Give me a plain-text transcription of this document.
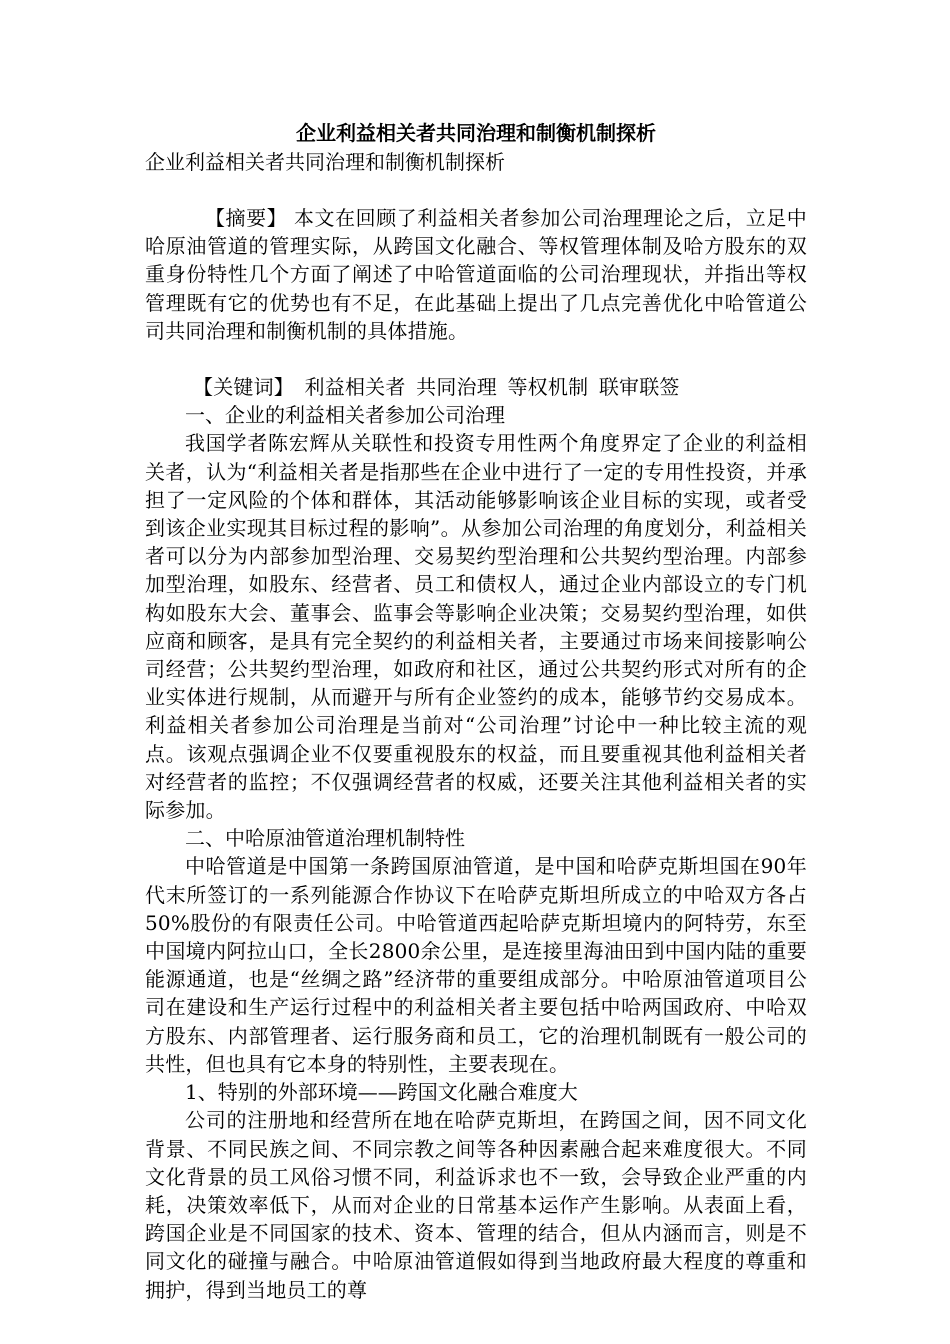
企业利益相关者共同治理和制衡机制探析

企业利益相关者共同治理和制衡机制探析

【摘要】 本文在回顾了利益相关者参加公司治理理论之后，立足中哈原油管道的管理实际，从跨国文化融合、等权管理体制及哈方股东的双重身份特性几个方面了阐述了中哈管道面临的公司治理现状，并指出等权管理既有它的优势也有不足，在此基础上提出了几点完善优化中哈管道公司共同治理和制衡机制的具体措施。

【关键词】 利益相关者 共同治理 等权机制 联审联签

一、企业的利益相关者参加公司治理

我国学者陈宏辉从关联性和投资专用性两个角度界定了企业的利益相关者，认为“利益相关者是指那些在企业中进行了一定的专用性投资，并承担了一定风险的个体和群体，其活动能够影响该企业目标的实现，或者受到该企业实现其目标过程的影响”。从参加公司治理的角度划分，利益相关者可以分为内部参加型治理、交易契约型治理和公共契约型治理。内部参加型治理，如股东、经营者、员工和债权人，通过企业内部设立的专门机构如股东大会、董事会、监事会等影响企业决策；交易契约型治理，如供应商和顾客，是具有完全契约的利益相关者，主要通过市场来间接影响公司经营；公共契约型治理，如政府和社区，通过公共契约形式对所有的企业实体进行规制，从而避开与所有企业签约的成本，能够节约交易成本。利益相关者参加公司治理是当前对“公司治理”讨论中一种比较主流的观点。该观点强调企业不仅要重视股东的权益，而且要重视其他利益相关者对经营者的监控；不仅强调经营者的权威，还要关注其他利益相关者的实际参加。

二、中哈原油管道治理机制特性

中哈管道是中国第一条跨国原油管道，是中国和哈萨克斯坦国在90年代末所签订的一系列能源合作协议下在哈萨克斯坦所成立的中哈双方各占50%股份的有限责任公司。中哈管道西起哈萨克斯坦境内的阿特劳，东至中国境内阿拉山口，全长2800余公里，是连接里海油田到中国内陆的重要能源通道，也是“丝绸之路”经济带的重要组成部分。中哈原油管道项目公司在建设和生产运行过程中的利益相关者主要包括中哈两国政府、中哈双方股东、内部管理者、运行服务商和员工，它的治理机制既有一般公司的共性，但也具有它本身的特别性，主要表现在。

1、特别的外部环境——跨国文化融合难度大

公司的注册地和经营所在地在哈萨克斯坦，在跨国之间，因不同文化背景、不同民族之间、不同宗教之间等各种因素融合起来难度很大。不同文化背景的员工风俗习惯不同，利益诉求也不一致，会导致企业严重的内耗，决策效率低下，从而对企业的日常基本运作产生影响。从表面上看，跨国企业是不同国家的技术、资本、管理的结合，但从内涵而言，则是不同文化的碰撞与融合。中哈原油管道假如得到当地政府最大程度的尊重和拥护，得到当地员工的尊
